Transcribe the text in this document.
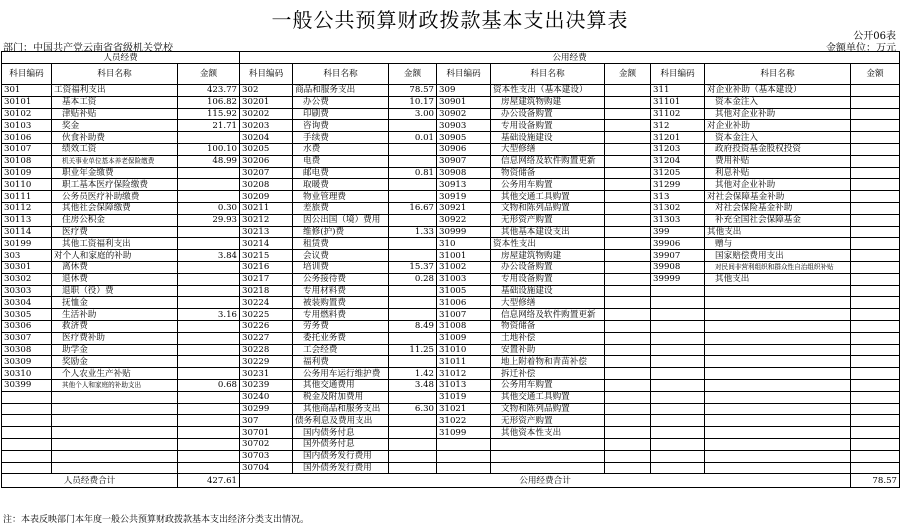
一般公共预算财政拨款基本支出决算表
公开06表
部门：中国共产党云南省省级机关党校	金额单位：万元
人员经费			公用经费								
科目编码	科目名称	金额	科目编码	科目名称	金额	科目编码	科目名称	金额	科目编码	科目名称	金额
301	工资福利支出	423.77	302	商品和服务支出	78.57	309	资本性支出（基本建设）		311	对企业补助（基本建设）	
30101	基本工资	106.82	30201	办公费	10.17	30901	房屋建筑物购建		31101	资本金注入	
30102	津贴补贴	115.92	30202	印刷费	3.00	30902	办公设备购置		31102	其他对企业补助	
30103	奖金	21.71	30203	咨询费		30903	专用设备购置		312	对企业补助	
30106	伙食补助费		30204	手续费	0.01	30905	基础设施建设		31201	资本金注入	
30107	绩效工资	100.10	30205	水费		30906	大型修缮		31203	政府投资基金股权投资	
30108	机关事业单位基本养老保险缴费	48.99	30206	电费		30907	信息网络及软件购置更新		31204	费用补贴	
30109	职业年金缴费		30207	邮电费	0.81	30908	物资储备		31205	利息补贴	
30110	职工基本医疗保险缴费		30208	取暖费		30913	公务用车购置		31299	其他对企业补助	
30111	公务员医疗补助缴费		30209	物业管理费		30919	其他交通工具购置		313	对社会保障基金补助	
30112	其他社会保障缴费	0.30	30211	差旅费	16.67	30921	文物和陈列品购置		31302	对社会保险基金补助	
30113	住房公积金	29.93	30212	因公出国（境）费用		30922	无形资产购置		31303	补充全国社会保障基金	
30114	医疗费		30213	维修(护)费	1.33	30999	其他基本建设支出		399	其他支出	
30199	其他工资福利支出		30214	租赁费		310	资本性支出		39906	赠与	
303	对个人和家庭的补助	3.84	30215	会议费		31001	房屋建筑物购建		39907	国家赔偿费用支出	
30301	离休费		30216	培训费	15.37	31002	办公设备购置		39908	对民间非营利组织和群众性自治组织补贴	
30302	退休费		30217	公务接待费	0.28	31003	专用设备购置		39999	其他支出	
30303	退职（役）费		30218	专用材料费		31005	基础设施建设				
30304	抚恤金		30224	被装购置费		31006	大型修缮				
30305	生活补助	3.16	30225	专用燃料费		31007	信息网络及软件购置更新				
30306	救济费		30226	劳务费	8.49	31008	物资储备				
30307	医疗费补助		30227	委托业务费		31009	土地补偿				
30308	助学金		30228	工会经费	11.25	31010	安置补助				
30309	奖励金		30229	福利费		31011	地上附着物和青苗补偿				
30310	个人农业生产补贴		30231	公务用车运行维护费	1.42	31012	拆迁补偿				
30399	其他个人和家庭的补助支出	0.68	30239	其他交通费用	3.48	31013	公务用车购置				
			30240	税金及附加费用		31019	其他交通工具购置				
			30299	其他商品和服务支出	6.30	31021	文物和陈列品购置				
			307	债务利息及费用支出		31022	无形资产购置				
			30701	国内债务付息		31099	其他资本性支出				
			30702	国外债务付息							
			30703	国内债务发行费用							
			30704	国外债务发行费用							
人员经费合计		427.61	公用经费合计								78.57
注：本表反映部门本年度一般公共预算财政拨款基本支出经济分类支出情况。
